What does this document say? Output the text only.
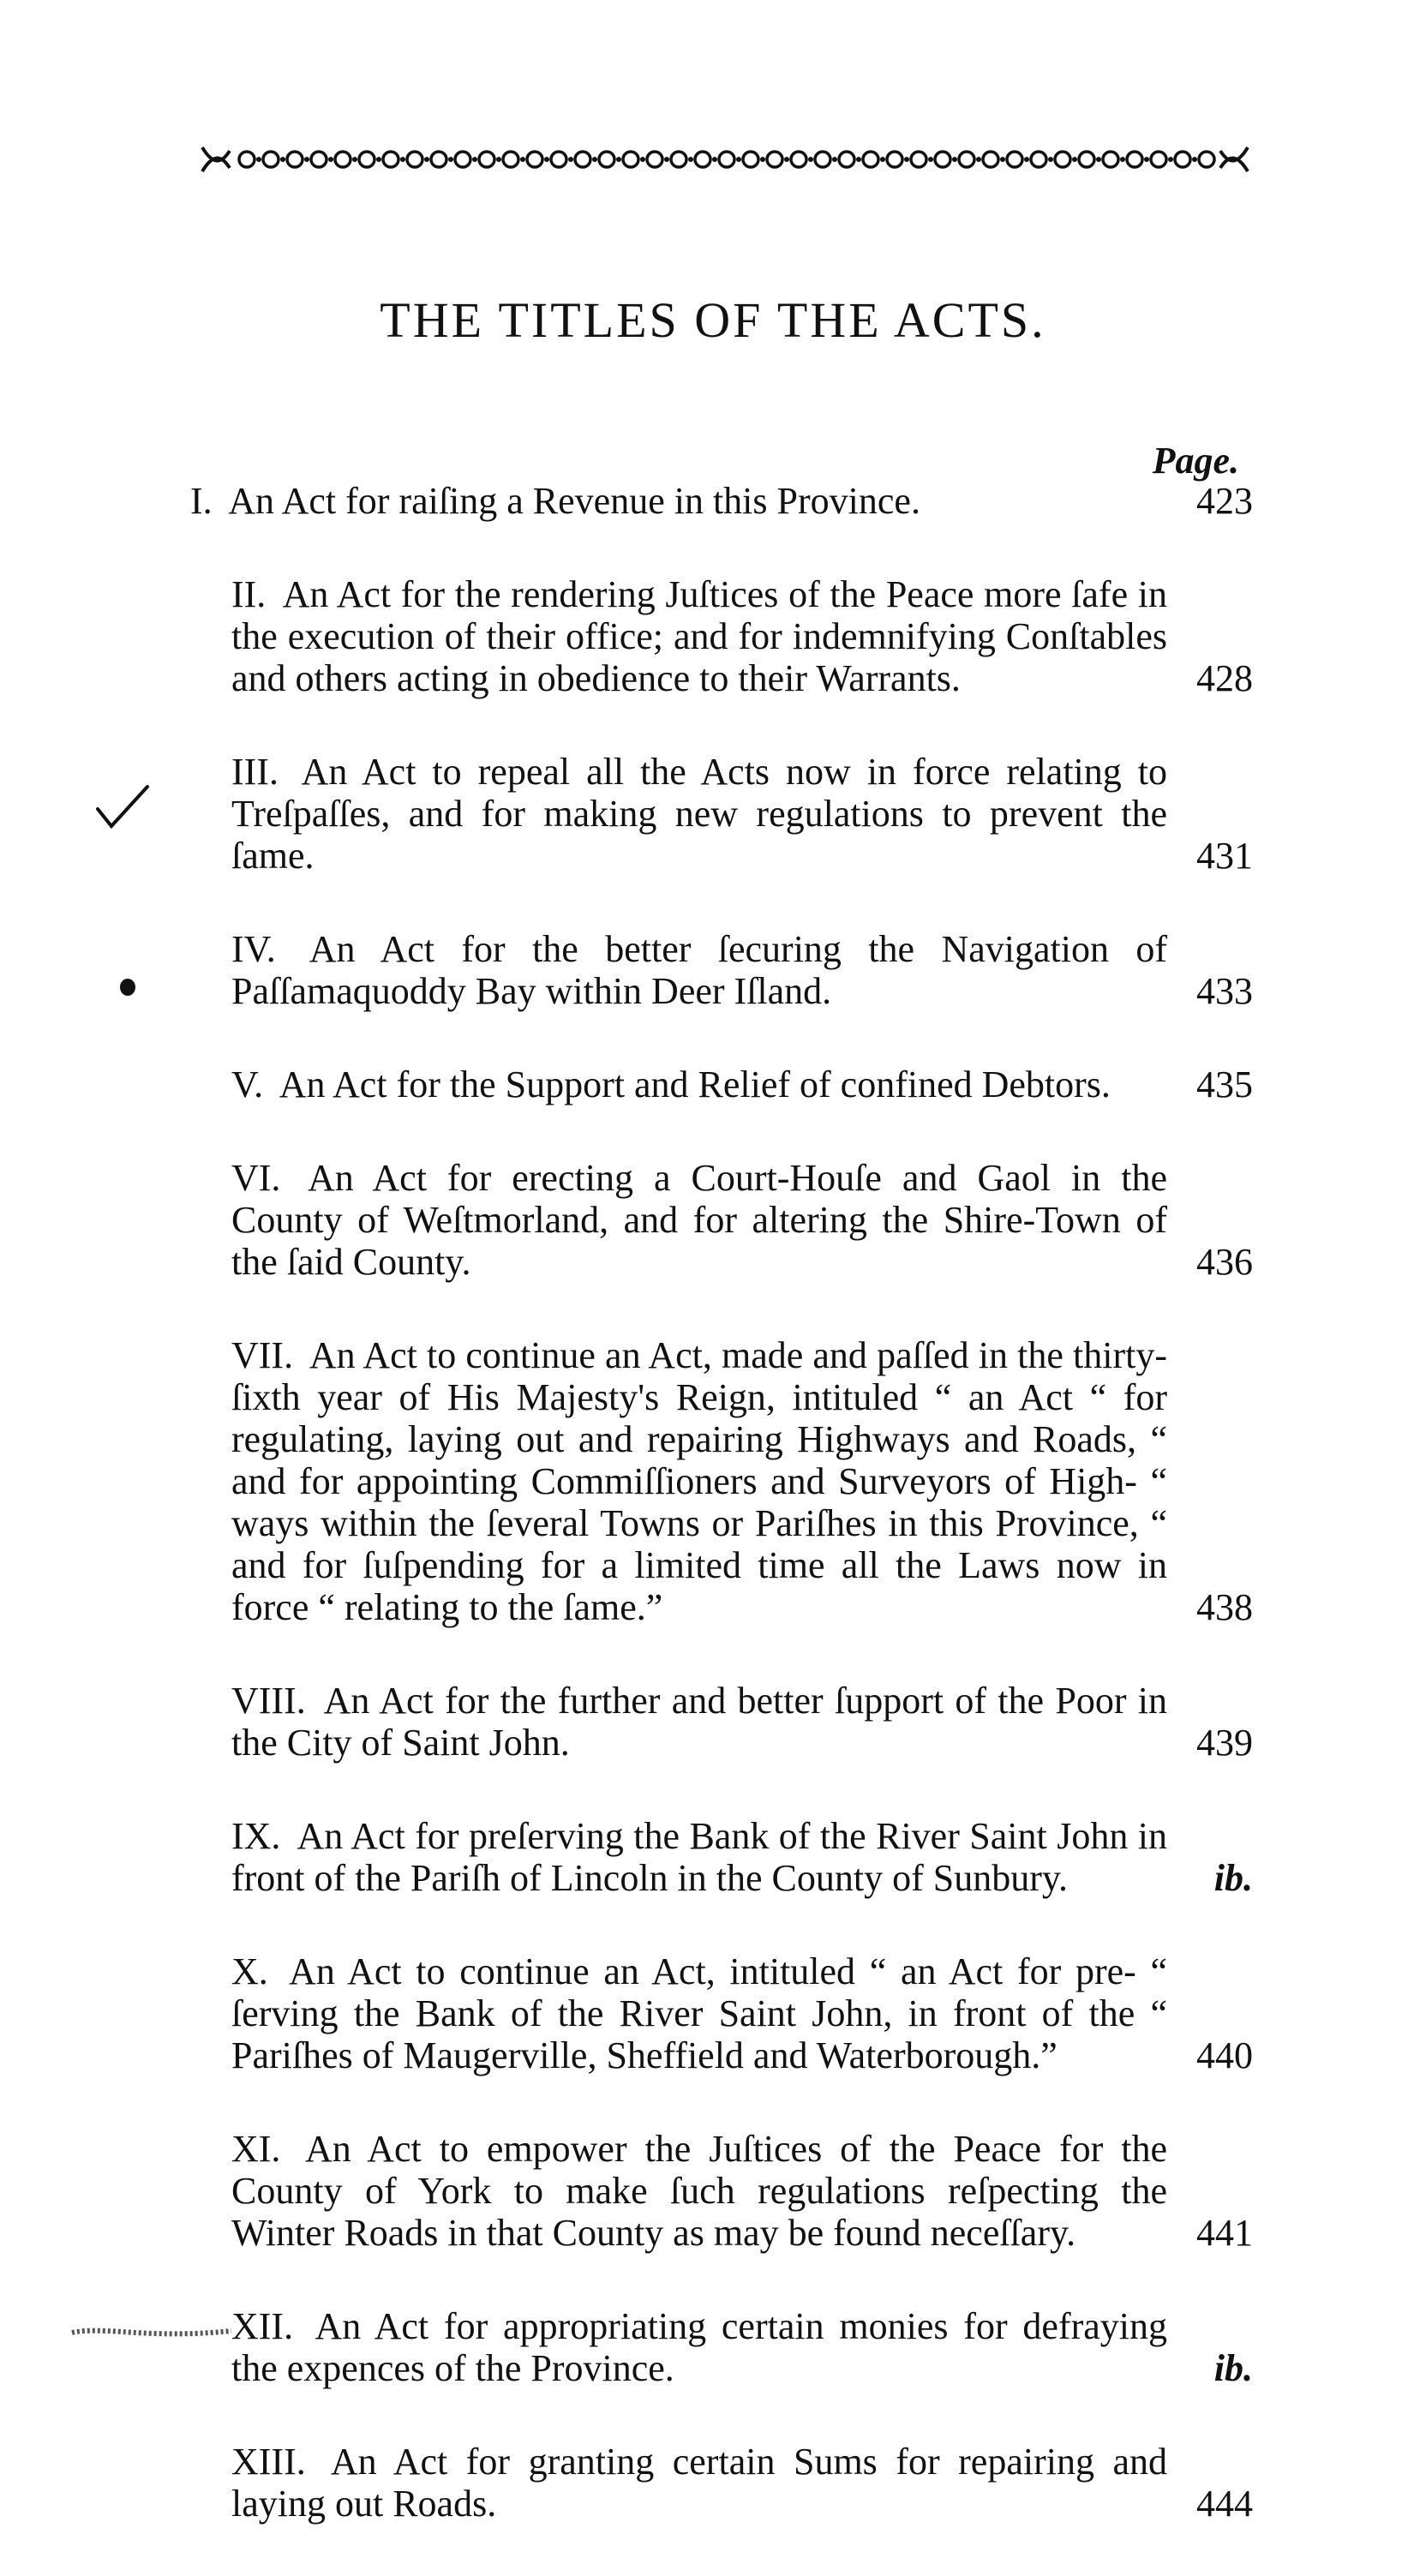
THE TITLES OF THE ACTS.
Page.
I. An Act for raiſing a Revenue in this Province.	423
II. An Act for the rendering Juſtices of the Peace more ſafe in the execution of their office; and for indemnifying Conſtables and others acting in obedience to their Warrants.	428
III. An Act to repeal all the Acts now in force relating to Treſpaſſes, and for making new regulations to prevent the ſame.	431
IV. An Act for the better ſecuring the Navigation of Paſſamaquoddy Bay within Deer Iſland.	433
V. An Act for the Support and Relief of confined Debtors.	435
VI. An Act for erecting a Court-Houſe and Gaol in the County of Weſtmorland, and for altering the Shire-Town of the ſaid County.	436
VII. An Act to continue an Act, made and paſſed in the thirty-ſixth year of His Majesty's Reign, intituled “ an Act “ for regulating, laying out and repairing Highways and Roads, “ and for appointing Commiſſioners and Surveyors of High- “ ways within the ſeveral Towns or Pariſhes in this Province, “ and for ſuſpending for a limited time all the Laws now in force “ relating to the ſame.”	438
VIII. An Act for the further and better ſupport of the Poor in the City of Saint John.	439
IX. An Act for preſerving the Bank of the River Saint John in front of the Pariſh of Lincoln in the County of Sunbury.	ib.
X. An Act to continue an Act, intituled “ an Act for pre- “ ſerving the Bank of the River Saint John, in front of the “ Pariſhes of Maugerville, Sheffield and Waterborough.”	440
XI. An Act to empower the Juſtices of the Peace for the County of York to make ſuch regulations reſpecting the Winter Roads in that County as may be found neceſſary.	441
XII. An Act for appropriating certain monies for defraying the expences of the Province.	ib.
XIII. An Act for granting certain Sums for repairing and laying out Roads.	444
